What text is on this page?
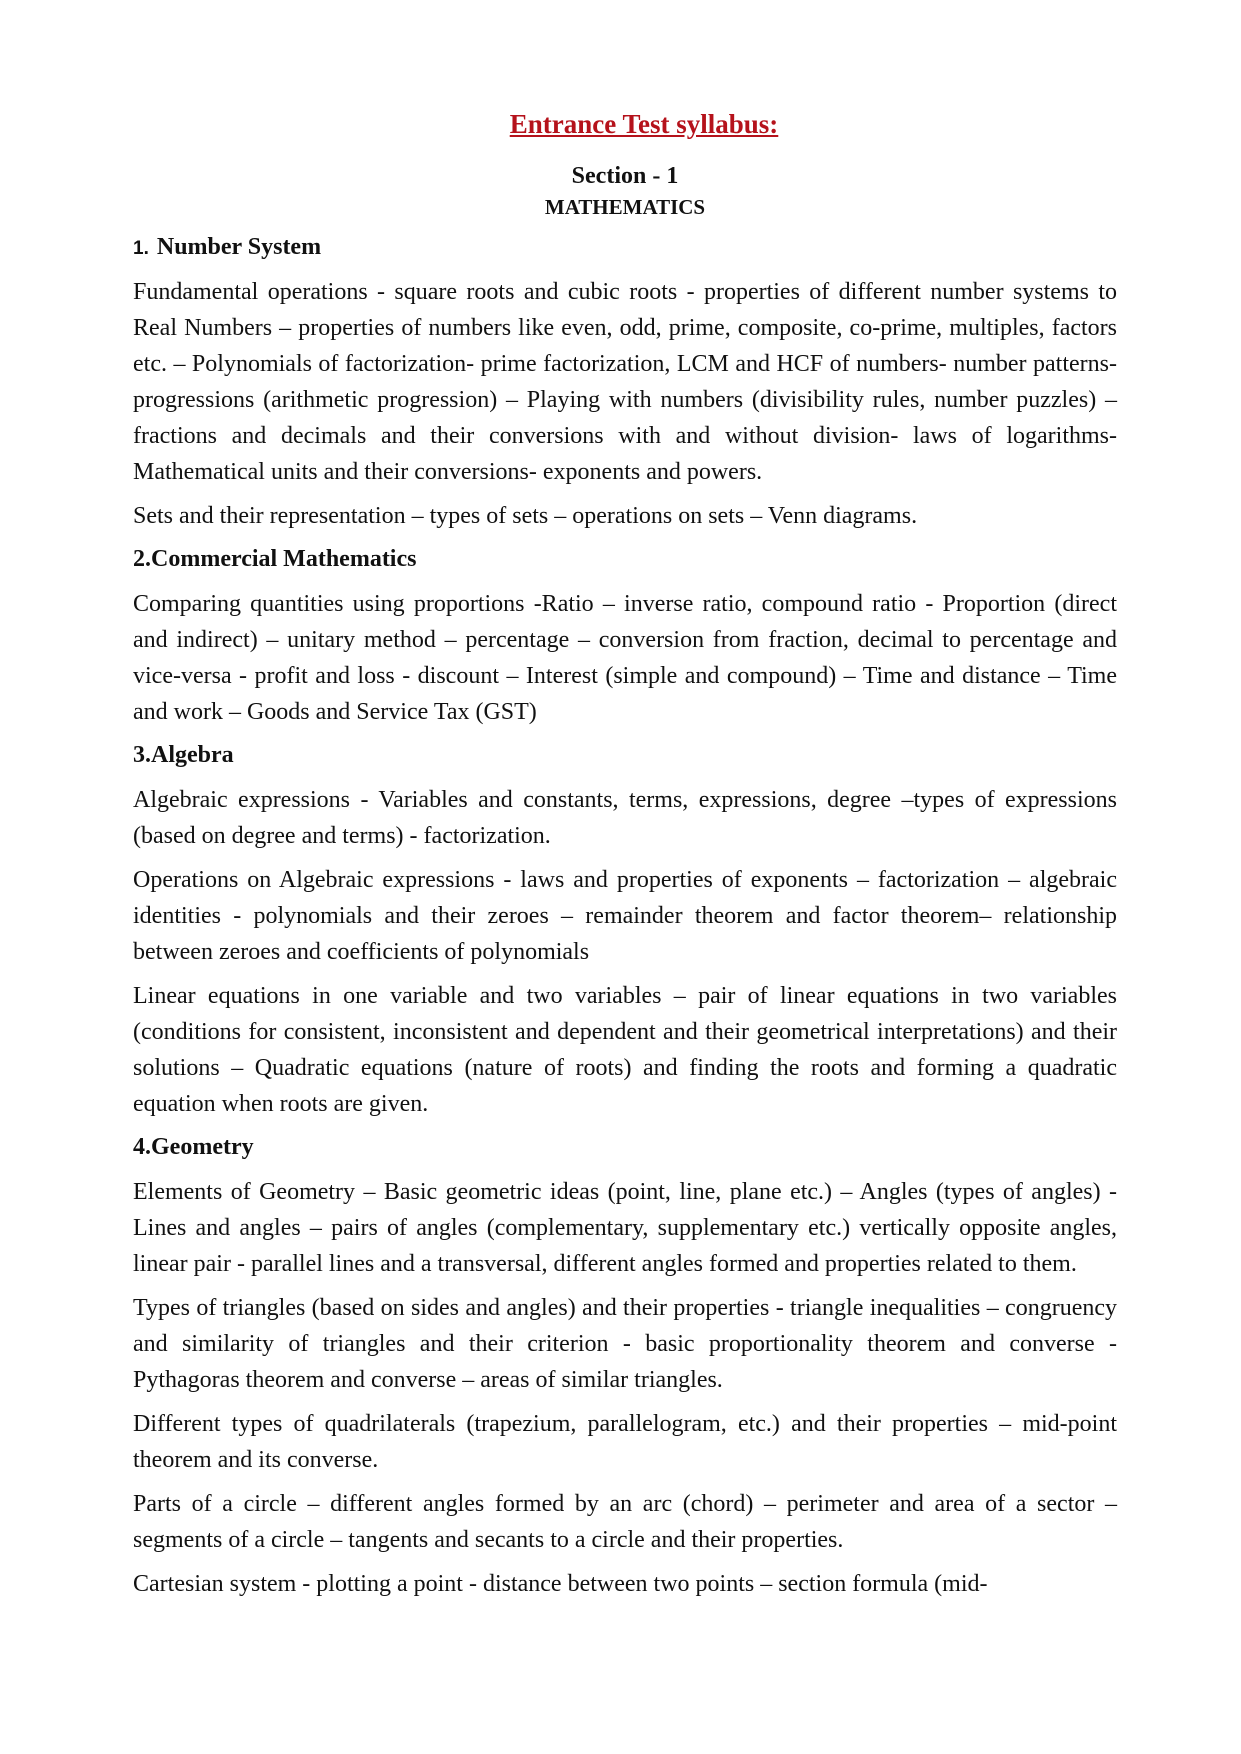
Entrance Test syllabus:
Section - 1
MATHEMATICS
1. Number System

Fundamental operations - square roots and cubic roots - properties of different number systems to Real Numbers – properties of numbers like even, odd, prime, composite, co-prime, multiples, factors etc. – Polynomials of factorization- prime factorization, LCM and HCF of numbers- number patterns-progressions (arithmetic progression) – Playing with numbers (divisibility rules, number puzzles) – fractions and decimals and their conversions with and without division- laws of logarithms-Mathematical units and their conversions- exponents and powers.

Sets and their representation – types of sets – operations on sets – Venn diagrams.

2.Commercial Mathematics

Comparing quantities using proportions -Ratio – inverse ratio, compound ratio - Proportion (direct and indirect) – unitary method – percentage – conversion from fraction, decimal to percentage and vice-versa - profit and loss - discount – Interest (simple and compound) – Time and distance – Time and work – Goods and Service Tax (GST)

3.Algebra

Algebraic expressions - Variables and constants, terms, expressions, degree –types of expressions (based on degree and terms) - factorization.

Operations on Algebraic expressions - laws and properties of exponents – factorization – algebraic identities - polynomials and their zeroes – remainder theorem and factor theorem– relationship between zeroes and coefficients of polynomials

Linear equations in one variable and two variables – pair of linear equations in two variables (conditions for consistent, inconsistent and dependent and their geometrical interpretations) and their solutions – Quadratic equations (nature of roots) and finding the roots and forming a quadratic equation when roots are given.

4.Geometry

Elements of Geometry – Basic geometric ideas (point, line, plane etc.) – Angles (types of angles) - Lines and angles – pairs of angles (complementary, supplementary etc.) vertically opposite angles, linear pair - parallel lines and a transversal, different angles formed and properties related to them.

Types of triangles (based on sides and angles) and their properties - triangle inequalities – congruency and similarity of triangles and their criterion - basic proportionality theorem and converse - Pythagoras theorem and converse – areas of similar triangles.

Different types of quadrilaterals (trapezium, parallelogram, etc.) and their properties – mid-point theorem and its converse.

Parts of a circle – different angles formed by an arc (chord) – perimeter and area of a sector – segments of a circle – tangents and secants to a circle and their properties.

Cartesian system - plotting a point - distance between two points – section formula (mid-
